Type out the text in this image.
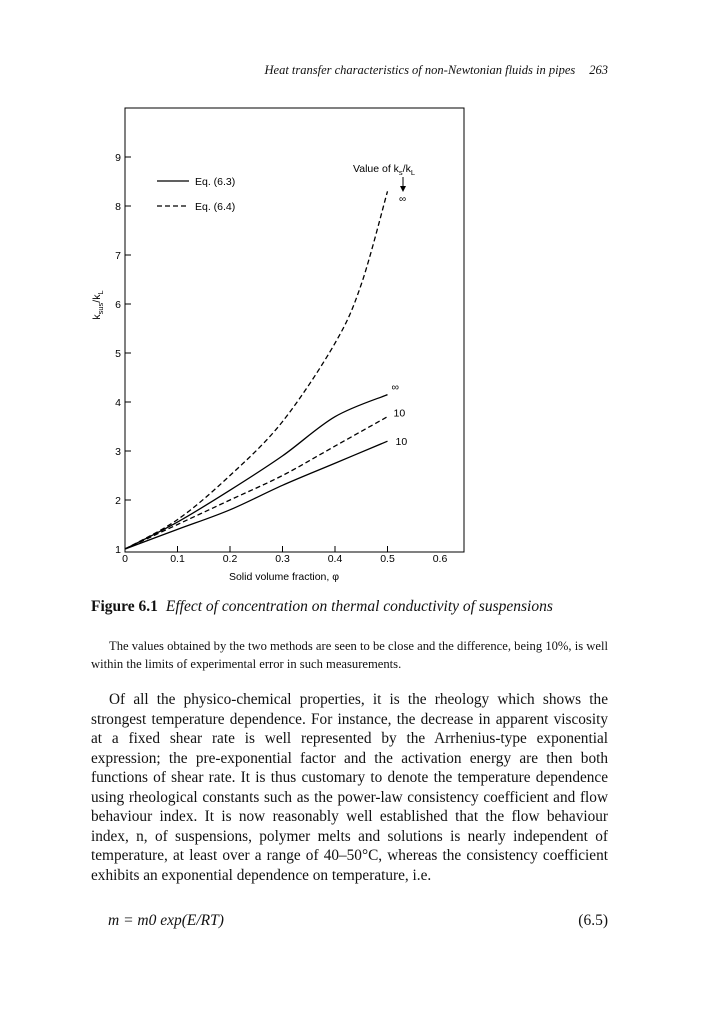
Heat transfer characteristics of non-Newtonian fluids in pipes 263
1
2
3
4
5
6
7
8
9
0	0.1	0.2	0.3	0.4	0.5	0.6
∞
10
10
Eq. (6.3)
Eq. (6.4)
Value of $k_s/k_L$
∞
$k_{sus}/k_L$
Solid volume fraction, φ
Figure 6.1 Effect of concentration on thermal conductivity of suspensions
The values obtained by the two methods are seen to be close and the difference, being 10%, is well within the limits of experimental error in such measurements.
Of all the physico-chemical properties, it is the rheology which shows the strongest temperature dependence. For instance, the decrease in apparent viscosity at a fixed shear rate is well represented by the Arrhenius-type exponential expression; the pre-exponential factor and the activation energy are then both functions of shear rate. It is thus customary to denote the temperature dependence using rheological constants such as the power-law consistency coefficient and flow behaviour index. It is now reasonably well established that the flow behaviour index, n, of suspensions, polymer melts and solutions is nearly independent of temperature, at least over a range of 40–50°C, whereas the consistency coefficient exhibits an exponential dependence on temperature, i.e.
m = m0 exp(E/RT)	(6.5)
